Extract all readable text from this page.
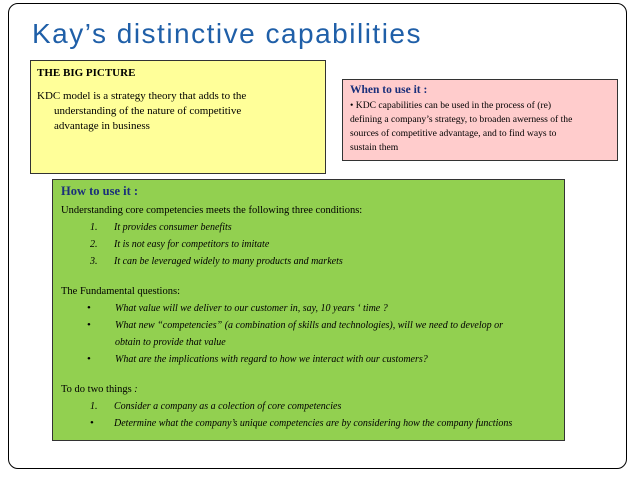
Kay’s distinctive capabilities
THE BIG PICTURE
KDC model is a strategy theory that adds to the
understanding of the nature of competitive
advantage in business
When to use it :
• KDC capabilities can be used in the process of (re)
defining a company’s strategy, to broaden awerness of the
sources of competitive advantage, and to find ways to
sustain them
How to use it :
Understanding core competencies meets the following three conditions:
1. It provides consumer benefits
2. It is not easy for competitors to imitate
3. It can be leveraged widely to many products and markets
The Fundamental questions:
• What value will we deliver to our customer in, say, 10 years ‘ time ?
• What new “competencies” (a combination of skills and technologies), will we need to develop or
obtain to provide that value
• What are the implications with regard to how we interact with our customers?
To do two things :
1. Consider a company as a colection of core competencies
• Determine what the company’s unique competencies are by considering how the company functions
